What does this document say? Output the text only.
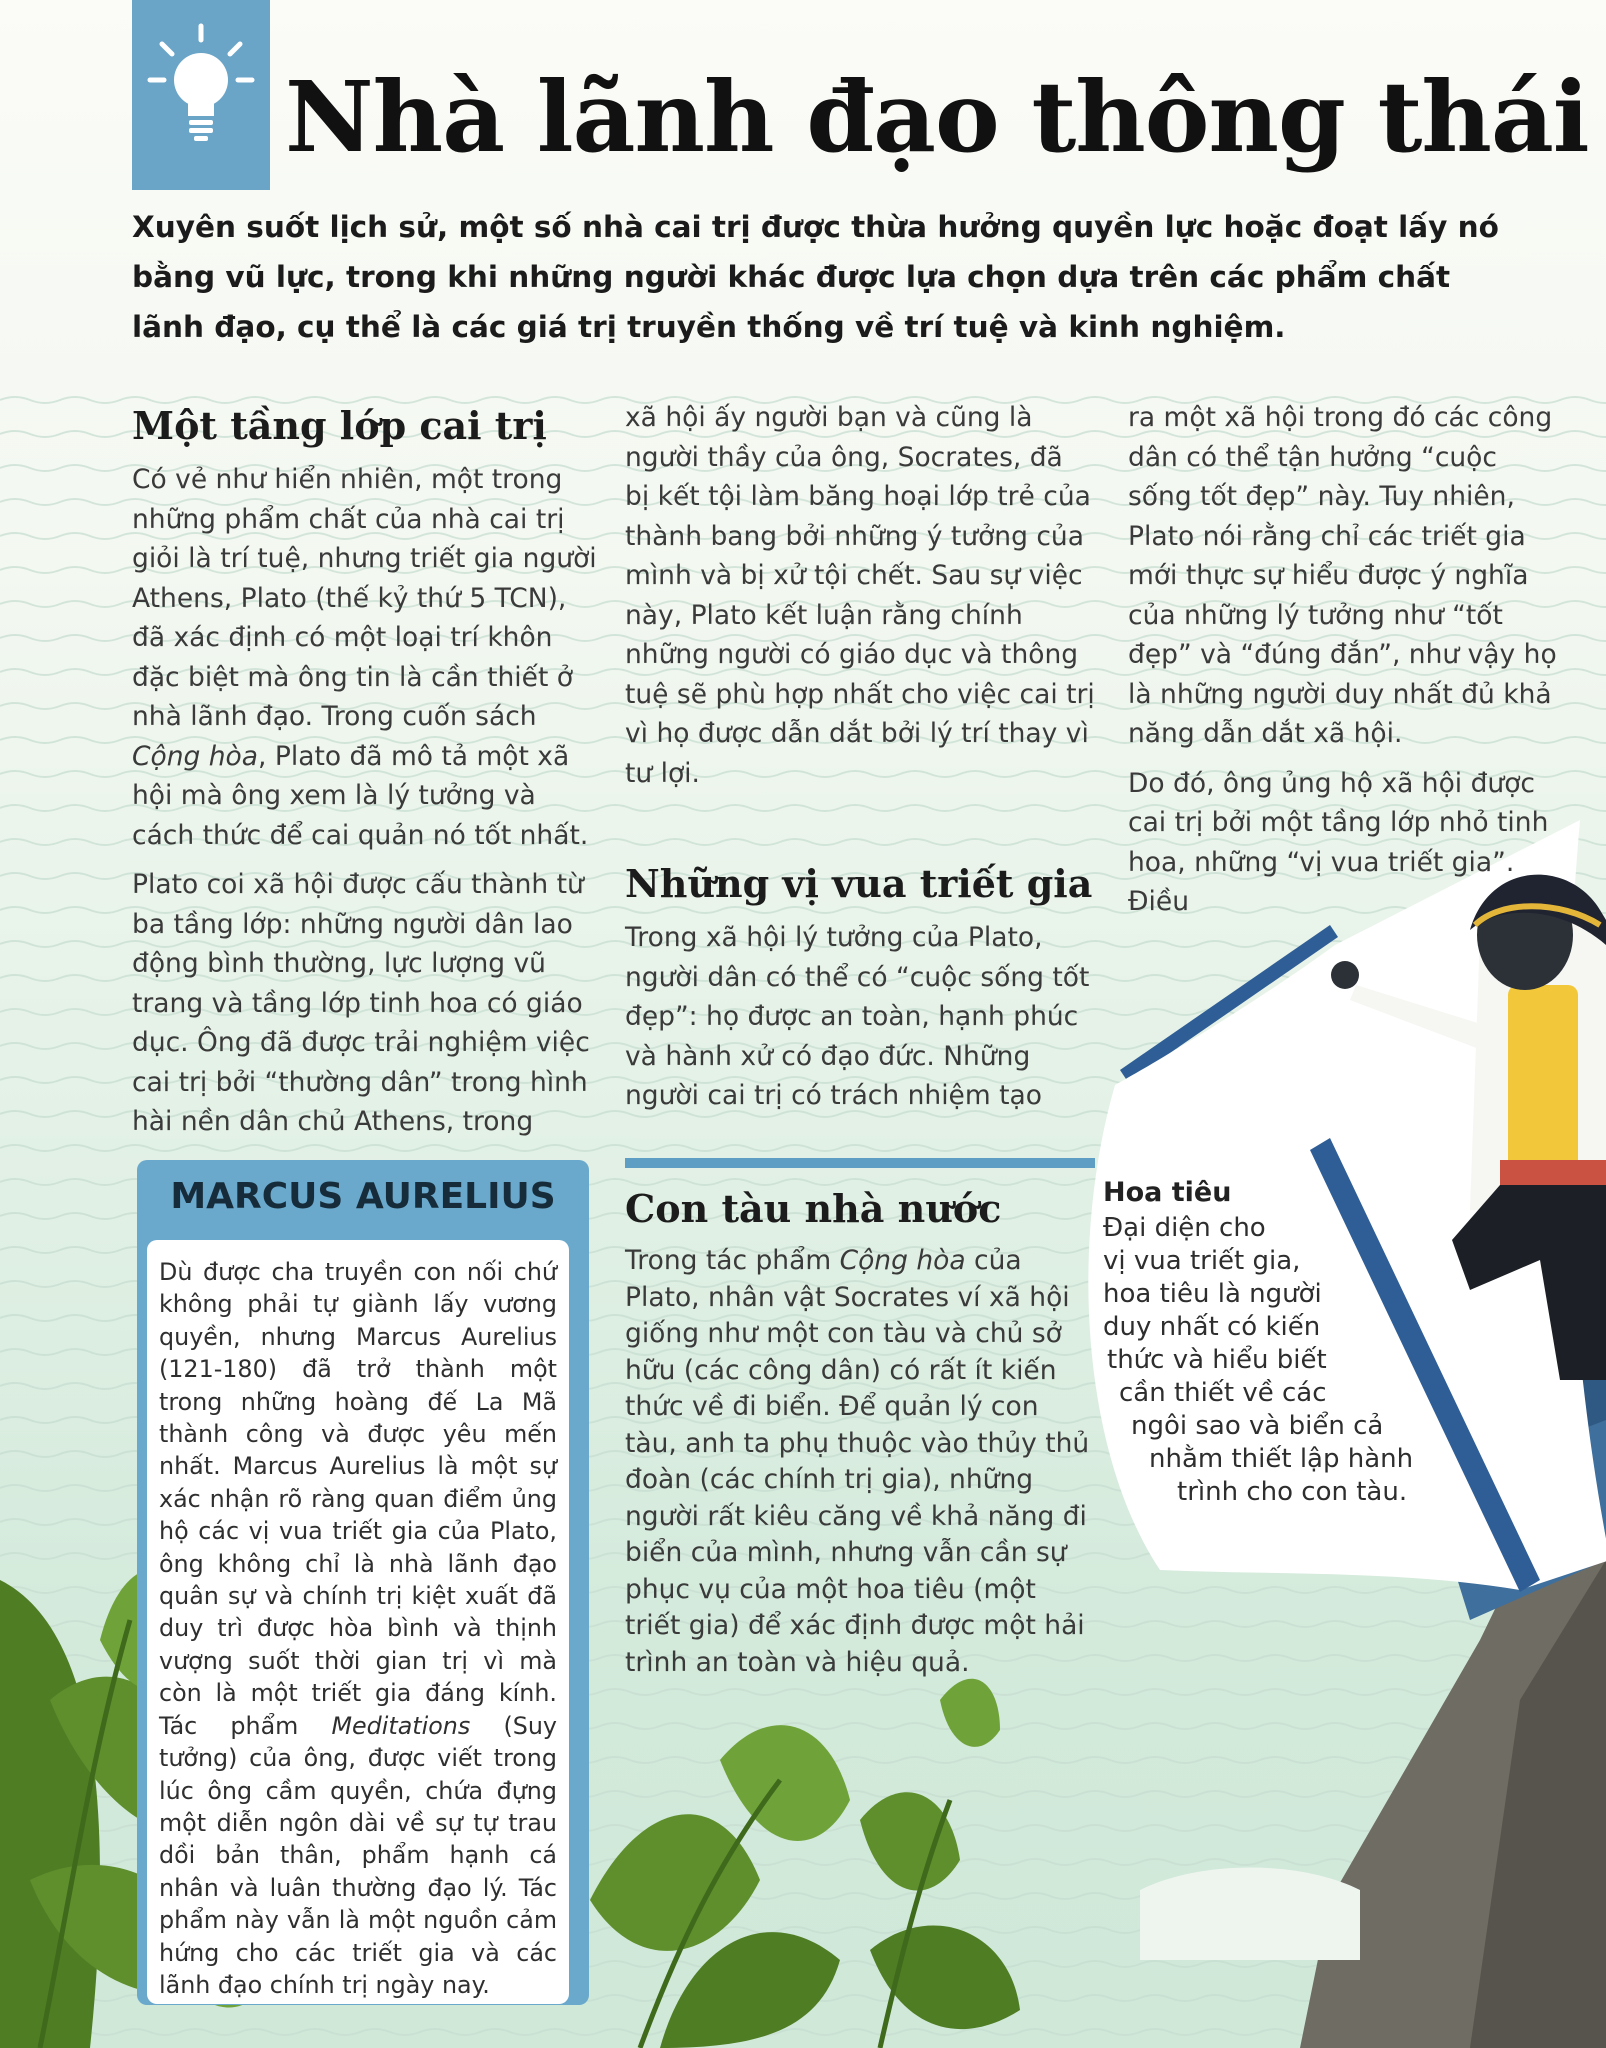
Nhà lãnh đạo thông thái
Xuyên suốt lịch sử, một số nhà cai trị được thừa hưởng quyền lực hoặc đoạt lấy nó bằng vũ lực, trong khi những người khác được lựa chọn dựa trên các phẩm chất lãnh đạo, cụ thể là các giá trị truyền thống về trí tuệ và kinh nghiệm.
Một tầng lớp cai trị

Có vẻ như hiển nhiên, một trong những phẩm chất của nhà cai trị giỏi là trí tuệ, nhưng triết gia người Athens, Plato (thế kỷ thứ 5 TCN), đã xác định có một loại trí khôn đặc biệt mà ông tin là cần thiết ở nhà lãnh đạo. Trong cuốn sách Cộng hòa, Plato đã mô tả một xã hội mà ông xem là lý tưởng và cách thức để cai quản nó tốt nhất.

Plato coi xã hội được cấu thành từ ba tầng lớp: những người dân lao động bình thường, lực lượng vũ trang và tầng lớp tinh hoa có giáo dục. Ông đã được trải nghiệm việc cai trị bởi “thường dân” trong hình hài nền dân chủ Athens, trong

xã hội ấy người bạn và cũng là người thầy của ông, Socrates, đã bị kết tội làm băng hoại lớp trẻ của thành bang bởi những ý tưởng của mình và bị xử tội chết. Sau sự việc này, Plato kết luận rằng chính những người có giáo dục và thông tuệ sẽ phù hợp nhất cho việc cai trị vì họ được dẫn dắt bởi lý trí thay vì tư lợi.

Những vị vua triết gia

Trong xã hội lý tưởng của Plato, người dân có thể có “cuộc sống tốt đẹp”: họ được an toàn, hạnh phúc và hành xử có đạo đức. Những người cai trị có trách nhiệm tạo

ra một xã hội trong đó các công dân có thể tận hưởng “cuộc sống tốt đẹp” này. Tuy nhiên, Plato nói rằng chỉ các triết gia mới thực sự hiểu được ý nghĩa của những lý tưởng như “tốt đẹp” và “đúng đắn”, như vậy họ là những người duy nhất đủ khả năng dẫn dắt xã hội.

Do đó, ông ủng hộ xã hội được cai trị bởi một tầng lớp nhỏ tinh hoa, những “vị vua triết gia”. Điều

MARCUS AURELIUS
Dù được cha truyền con nối chứ không phải tự giành lấy vương quyền, nhưng Marcus Aurelius (121-180) đã trở thành một trong những hoàng đế La Mã thành công và được yêu mến nhất. Marcus Aurelius là một sự xác nhận rõ ràng quan điểm ủng hộ các vị vua triết gia của Plato, ông không chỉ là nhà lãnh đạo quân sự và chính trị kiệt xuất đã duy trì được hòa bình và thịnh vượng suốt thời gian trị vì mà còn là một triết gia đáng kính. Tác phẩm Meditations (Suy tưởng) của ông, được viết trong lúc ông cầm quyền, chứa đựng một diễn ngôn dài về sự tự trau dồi bản thân, phẩm hạnh cá nhân và luân thường đạo lý. Tác phẩm này vẫn là một nguồn cảm hứng cho các triết gia và các lãnh đạo chính trị ngày nay.
Con tàu nhà nước
Trong tác phẩm Cộng hòa của Plato, nhân vật Socrates ví xã hội giống như một con tàu và chủ sở hữu (các công dân) có rất ít kiến thức về đi biển. Để quản lý con tàu, anh ta phụ thuộc vào thủy thủ đoàn (các chính trị gia), những người rất kiêu căng về khả năng đi biển của mình, nhưng vẫn cần sự phục vụ của một hoa tiêu (một triết gia) để xác định được một hải trình an toàn và hiệu quả.
Hoa tiêu
Đại diện cho
vị vua triết gia,
hoa tiêu là người
duy nhất có kiến
thức và hiểu biết
cần thiết về các
ngôi sao và biển cả
nhằm thiết lập hành
trình cho con tàu.
